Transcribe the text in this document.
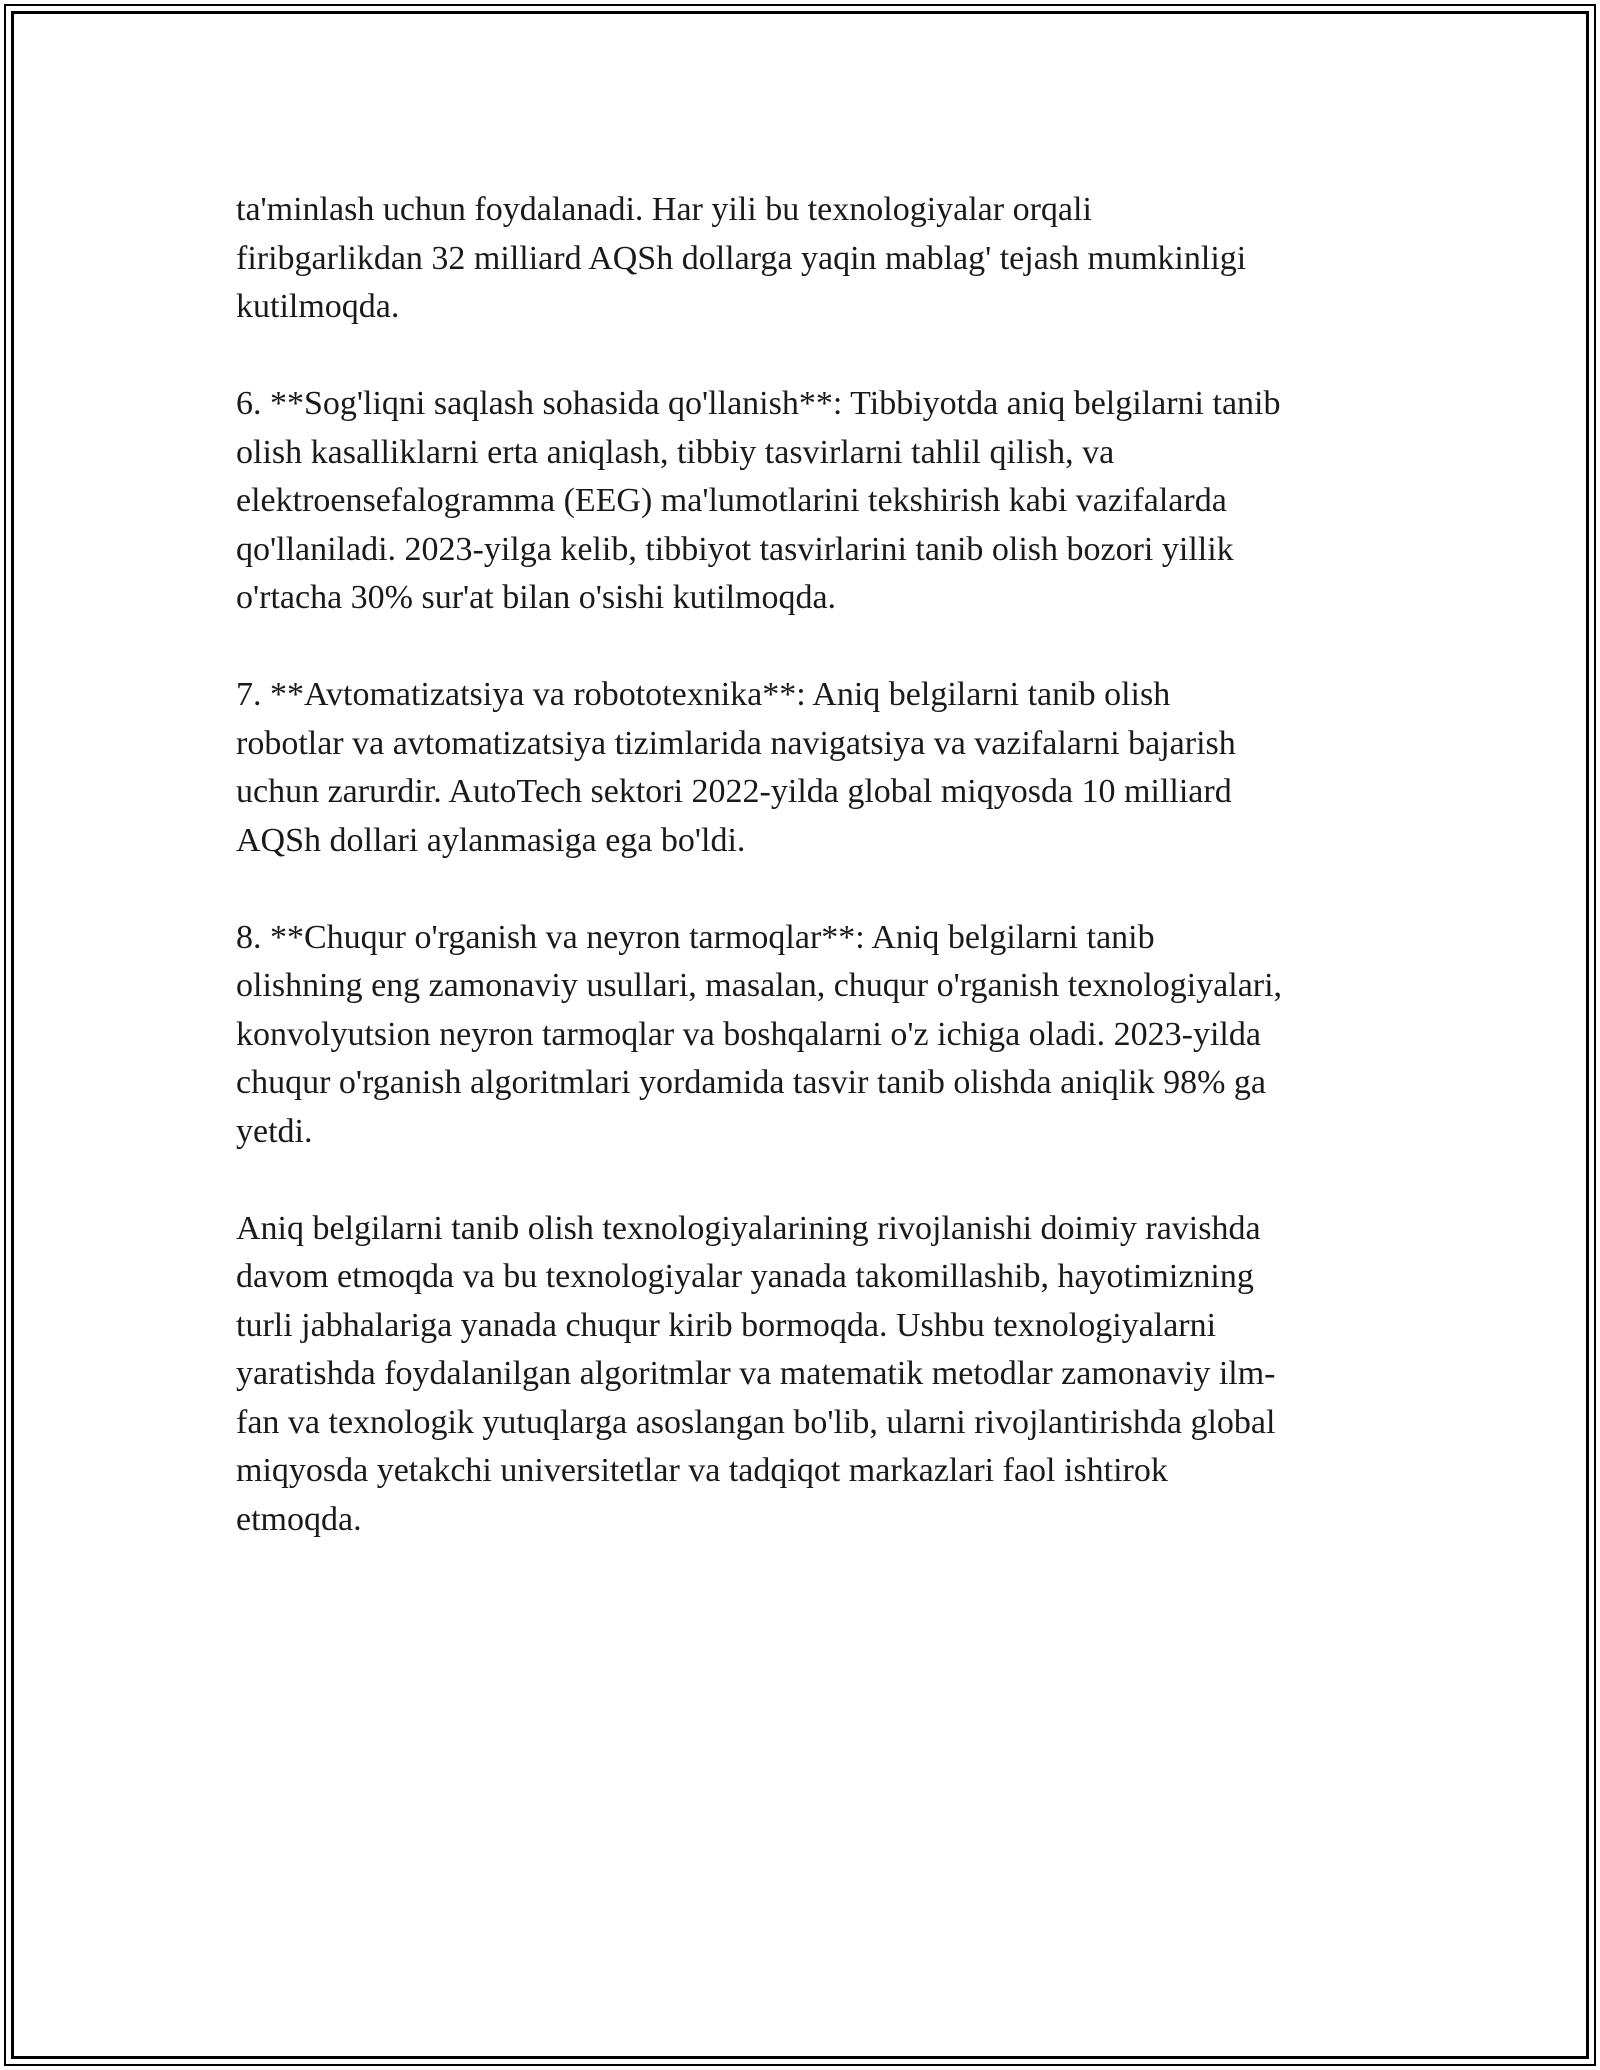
ta'minlash uchun foydalanadi. Har yili bu texnologiyalar orqali
firibgarlikdan 32 milliard AQSh dollarga yaqin mablag' tejash mumkinligi
kutilmoqda.

6. **Sog'liqni saqlash sohasida qo'llanish**: Tibbiyotda aniq belgilarni tanib
olish kasalliklarni erta aniqlash, tibbiy tasvirlarni tahlil qilish, va
elektroensefalogramma (EEG) ma'lumotlarini tekshirish kabi vazifalarda
qo'llaniladi. 2023-yilga kelib, tibbiyot tasvirlarini tanib olish bozori yillik
o'rtacha 30% sur'at bilan o'sishi kutilmoqda.

7. **Avtomatizatsiya va robototexnika**: Aniq belgilarni tanib olish
robotlar va avtomatizatsiya tizimlarida navigatsiya va vazifalarni bajarish
uchun zarurdir. AutoTech sektori 2022-yilda global miqyosda 10 milliard
AQSh dollari aylanmasiga ega bo'ldi.

8. **Chuqur o'rganish va neyron tarmoqlar**: Aniq belgilarni tanib
olishning eng zamonaviy usullari, masalan, chuqur o'rganish texnologiyalari,
konvolyutsion neyron tarmoqlar va boshqalarni o'z ichiga oladi. 2023-yilda
chuqur o'rganish algoritmlari yordamida tasvir tanib olishda aniqlik 98% ga
yetdi.

Aniq belgilarni tanib olish texnologiyalarining rivojlanishi doimiy ravishda
davom etmoqda va bu texnologiyalar yanada takomillashib, hayotimizning
turli jabhalariga yanada chuqur kirib bormoqda. Ushbu texnologiyalarni
yaratishda foydalanilgan algoritmlar va matematik metodlar zamonaviy ilm-
fan va texnologik yutuqlarga asoslangan bo'lib, ularni rivojlantirishda global
miqyosda yetakchi universitetlar va tadqiqot markazlari faol ishtirok
etmoqda.
